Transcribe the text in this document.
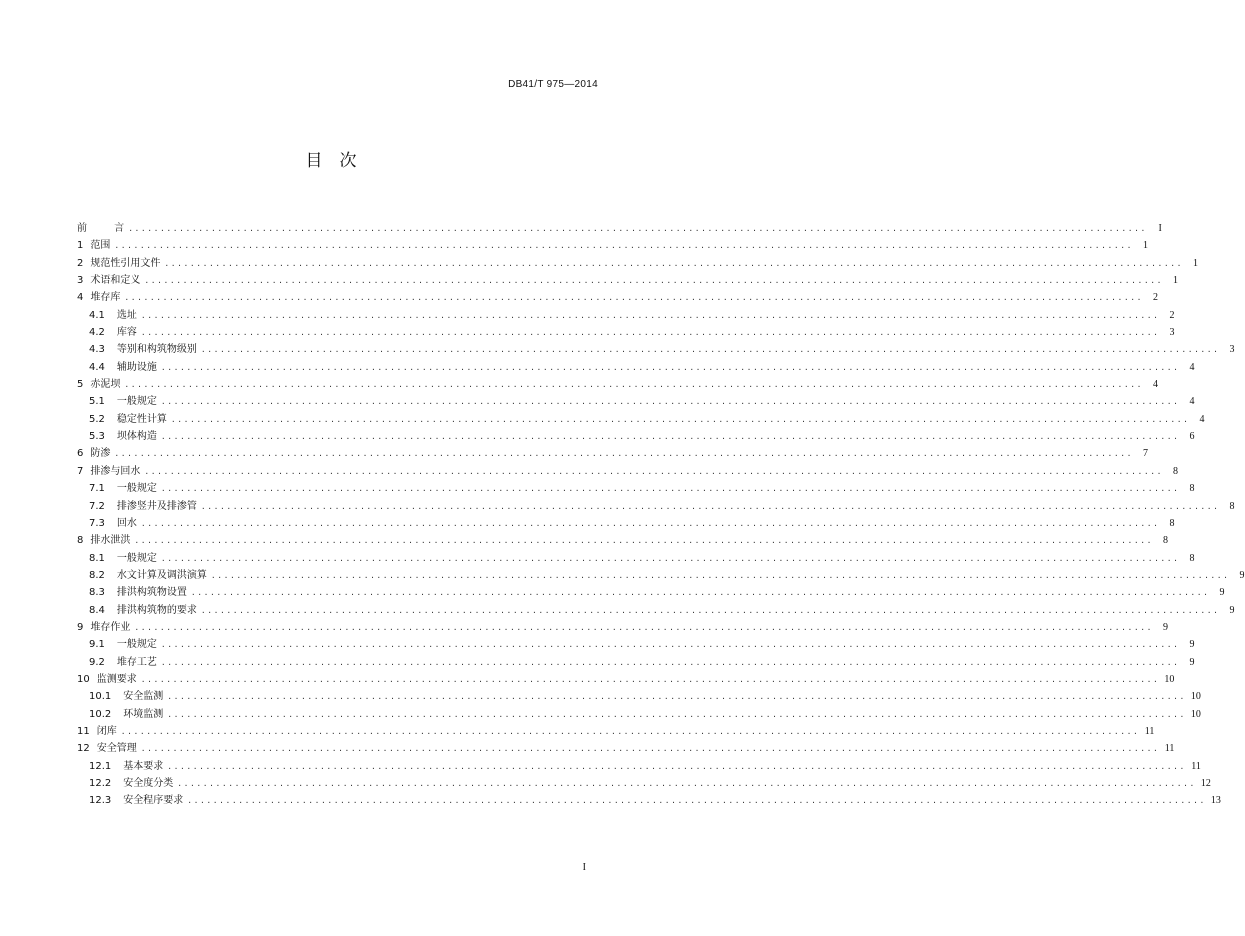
DB41/T 975—2014
目　次
前 言 ................................................................................................................................................................	I
1 范围 ................................................................................................................................................................	1
2 规范性引用文件 ................................................................................................................................................................	1
3 术语和定义 ................................................................................................................................................................	1
4 堆存库 ................................................................................................................................................................	2
4.1 选址 ................................................................................................................................................................	2
4.2 库容 ................................................................................................................................................................	3
4.3 等别和构筑物级别 ................................................................................................................................................................	3
4.4 辅助设施 ................................................................................................................................................................	4
5 赤泥坝 ................................................................................................................................................................	4
5.1 一般规定 ................................................................................................................................................................	4
5.2 稳定性计算 ................................................................................................................................................................	4
5.3 坝体构造 ................................................................................................................................................................	6
6 防渗 ................................................................................................................................................................	7
7 排渗与回水 ................................................................................................................................................................	8
7.1 一般规定 ................................................................................................................................................................	8
7.2 排渗竖井及排渗管 ................................................................................................................................................................	8
7.3 回水 ................................................................................................................................................................	8
8 排水泄洪 ................................................................................................................................................................	8
8.1 一般规定 ................................................................................................................................................................	8
8.2 水文计算及调洪演算 ................................................................................................................................................................	9
8.3 排洪构筑物设置 ................................................................................................................................................................	9
8.4 排洪构筑物的要求 ................................................................................................................................................................	9
9 堆存作业 ................................................................................................................................................................	9
9.1 一般规定 ................................................................................................................................................................	9
9.2 堆存工艺 ................................................................................................................................................................	9
10 监测要求 ................................................................................................................................................................ 10
10.1 安全监测 ................................................................................................................................................................ 10
10.2 环境监测 ................................................................................................................................................................ 10
11 闭库 ................................................................................................................................................................ 11
12 安全管理 ................................................................................................................................................................ 11
12.1 基本要求 ................................................................................................................................................................ 11
12.2 安全度分类 ................................................................................................................................................................ 12
12.3 安全程序要求 ................................................................................................................................................................ 13
I
